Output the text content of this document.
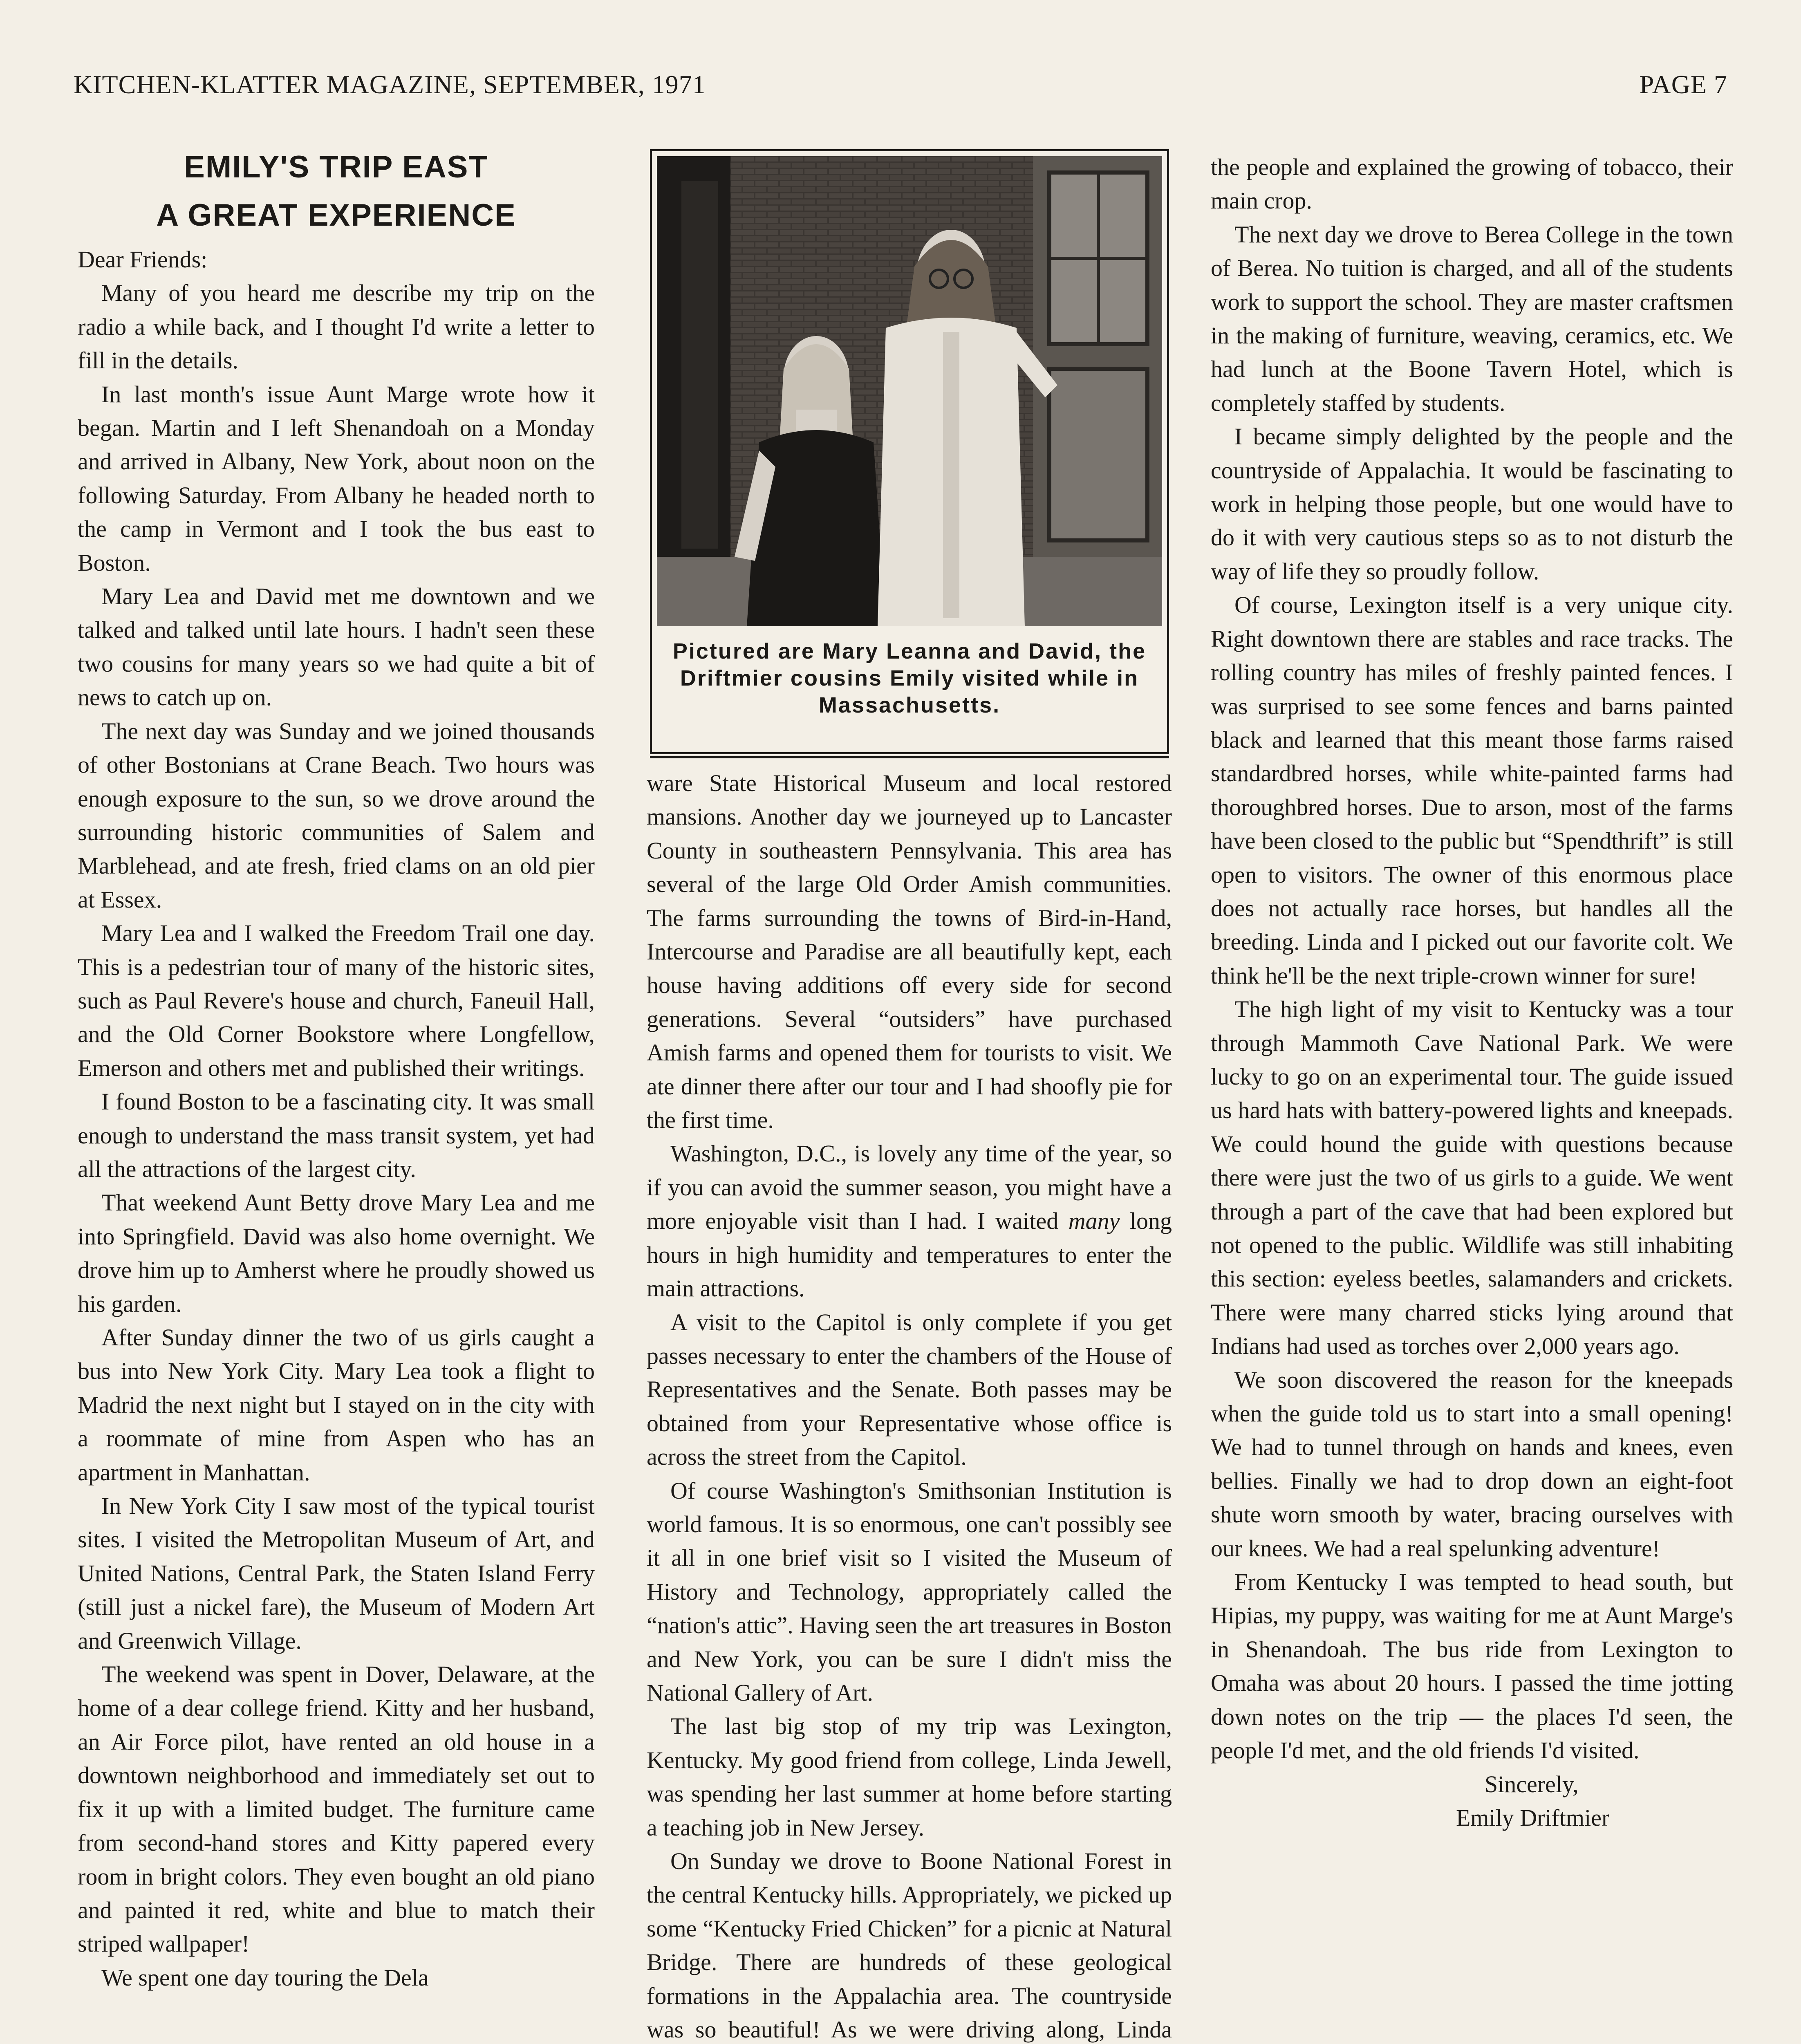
KITCHEN-KLATTER MAGAZINE, SEPTEMBER, 1971	PAGE 7
EMILY'S TRIP EAST
A GREAT EXPERIENCE

Dear Friends:

Many of you heard me describe my trip on the radio a while back, and I thought I'd write a letter to fill in the details.

In last month's issue Aunt Marge wrote how it began. Martin and I left Shenandoah on a Monday and arrived in Albany, New York, about noon on the following Saturday. From Albany he headed north to the camp in Vermont and I took the bus east to Boston.

Mary Lea and David met me downtown and we talked and talked until late hours. I hadn't seen these two cousins for many years so we had quite a bit of news to catch up on.

The next day was Sunday and we joined thousands of other Bostonians at Crane Beach. Two hours was enough exposure to the sun, so we drove around the surrounding historic communities of Salem and Marblehead, and ate fresh, fried clams on an old pier at Essex.

Mary Lea and I walked the Freedom Trail one day. This is a pedestrian tour of many of the historic sites, such as Paul Revere's house and church, Faneuil Hall, and the Old Corner Bookstore where Longfellow, Emerson and others met and published their writings.

I found Boston to be a fascinating city. It was small enough to understand the mass transit system, yet had all the attractions of the largest city.

That weekend Aunt Betty drove Mary Lea and me into Springfield. David was also home overnight. We drove him up to Amherst where he proudly showed us his garden.

After Sunday dinner the two of us girls caught a bus into New York City. Mary Lea took a flight to Madrid the next night but I stayed on in the city with a roommate of mine from Aspen who has an apartment in Manhattan.

In New York City I saw most of the typical tourist sites. I visited the Metropolitan Museum of Art, and United Nations, Central Park, the Staten Island Ferry (still just a nickel fare), the Museum of Modern Art and Greenwich Village.

The weekend was spent in Dover, Delaware, at the home of a dear college friend. Kitty and her husband, an Air Force pilot, have rented an old house in a downtown neighborhood and immediately set out to fix it up with a limited budget. The furniture came from second-hand stores and Kitty papered every room in bright colors. They even bought an old piano and painted it red, white and blue to match their striped wallpaper!

We spent one day touring the Dela

Pictured are Mary Leanna and David, the Driftmier cousins Emily visited while in Massachusetts.

ware State Historical Museum and local restored mansions. Another day we journeyed up to Lancaster County in southeastern Pennsylvania. This area has several of the large Old Order Amish communities. The farms surrounding the towns of Bird-in-Hand, Intercourse and Paradise are all beautifully kept, each house having additions off every side for second generations. Several “outsiders” have purchased Amish farms and opened them for tourists to visit. We ate dinner there after our tour and I had shoofly pie for the first time.

Washington, D.C., is lovely any time of the year, so if you can avoid the summer season, you might have a more enjoyable visit than I had. I waited many long hours in high humidity and temperatures to enter the main attractions.

A visit to the Capitol is only complete if you get passes necessary to enter the chambers of the House of Representatives and the Senate. Both passes may be obtained from your Representative whose office is across the street from the Capitol.

Of course Washington's Smithsonian Institution is world famous. It is so enormous, one can't possibly see it all in one brief visit so I visited the Museum of History and Technology, appropriately called the “nation's attic”. Having seen the art treasures in Boston and New York, you can be sure I didn't miss the National Gallery of Art.

The last big stop of my trip was Lexington, Kentucky. My good friend from college, Linda Jewell, was spending her last summer at home before starting a teaching job in New Jersey.

On Sunday we drove to Boone National Forest in the central Kentucky hills. Appropriately, we picked up some “Kentucky Fried Chicken” for a picnic at Natural Bridge. There are hundreds of these geological formations in the Appalachia area. The countryside was so beautiful! As we were driving along, Linda

the people and explained the growing of tobacco, their main crop.

The next day we drove to Berea College in the town of Berea. No tuition is charged, and all of the students work to support the school. They are master craftsmen in the making of furniture, weaving, ceramics, etc. We had lunch at the Boone Tavern Hotel, which is completely staffed by students.

I became simply delighted by the people and the countryside of Appalachia. It would be fascinating to work in helping those people, but one would have to do it with very cautious steps so as to not disturb the way of life they so proudly follow.

Of course, Lexington itself is a very unique city. Right downtown there are stables and race tracks. The rolling country has miles of freshly painted fences. I was surprised to see some fences and barns painted black and learned that this meant those farms raised standardbred horses, while white-painted farms had thoroughbred horses. Due to arson, most of the farms have been closed to the public but “Spendthrift” is still open to visitors. The owner of this enormous place does not actually race horses, but handles all the breeding. Linda and I picked out our favorite colt. We think he'll be the next triple-crown winner for sure!

The high light of my visit to Kentucky was a tour through Mammoth Cave National Park. We were lucky to go on an experimental tour. The guide issued us hard hats with battery-powered lights and kneepads. We could hound the guide with questions because there were just the two of us girls to a guide. We went through a part of the cave that had been explored but not opened to the public. Wildlife was still inhabiting this section: eyeless beetles, salamanders and crickets. There were many charred sticks lying around that Indians had used as torches over 2,000 years ago.

We soon discovered the reason for the kneepads when the guide told us to start into a small opening! We had to tunnel through on hands and knees, even bellies. Finally we had to drop down an eight-foot shute worn smooth by water, bracing ourselves with our knees. We had a real spelunking adventure!

From Kentucky I was tempted to head south, but Hipias, my puppy, was waiting for me at Aunt Marge's in Shenandoah. The bus ride from Lexington to Omaha was about 20 hours. I passed the time jotting down notes on the trip — the places I'd seen, the people I'd met, and the old friends I'd visited.

Sincerely,

Emily Driftmier
